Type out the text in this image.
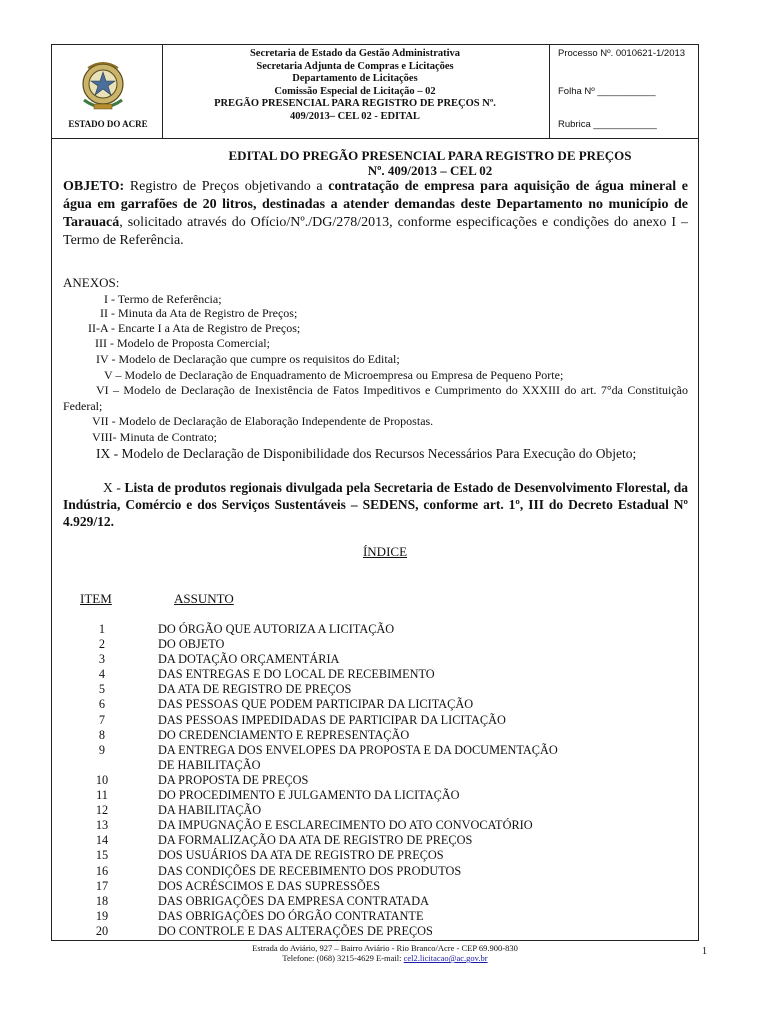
ESTADO DO ACRE
Secretaria de Estado da Gestão Administrativa
Secretaria Adjunta de Compras e Licitações
Departamento de Licitações
Comissão Especial de Licitação – 02
PREGÃO PRESENCIAL PARA REGISTRO DE PREÇOS Nº.
409/2013– CEL 02 - EDITAL
Processo Nº. 0010621-1/2013
Folha Nº ___________
Rubrica ____________
EDITAL DO PREGÃO PRESENCIAL PARA REGISTRO DE PREÇOS
Nº. 409/2013 – CEL 02
OBJETO: Registro de Preços objetivando a contratação de empresa para aquisição de água mineral e água em garrafões de 20 litros, destinadas a atender demandas deste Departamento no município de Tarauacá, solicitado através do Ofício/Nº./DG/278/2013, conforme especificações e condições do anexo I – Termo de Referência.
ANEXOS:
I - Termo de Referência;
II - Minuta da Ata de Registro de Preços;
II-A - Encarte I a Ata de Registro de Preços;
III - Modelo de Proposta Comercial;
IV - Modelo de Declaração que cumpre os requisitos do Edital;
V – Modelo de Declaração de Enquadramento de Microempresa ou Empresa de Pequeno Porte;
VI – Modelo de Declaração de Inexistência de Fatos Impeditivos e Cumprimento do XXXIII do art. 7°da Constituição Federal;
VII - Modelo de Declaração de Elaboração Independente de Propostas.
VIII- Minuta de Contrato;
IX - Modelo de Declaração de Disponibilidade dos Recursos Necessários Para Execução do Objeto;
X - Lista de produtos regionais divulgada pela Secretaria de Estado de Desenvolvimento Florestal, da Indústria, Comércio e dos Serviços Sustentáveis – SEDENS, conforme art. 1º, III do Decreto Estadual Nº 4.929/12.
ÍNDICE
ITEM	ASSUNTO
1	DO ÓRGÃO QUE AUTORIZA A LICITAÇÃO
2	DO OBJETO
3	DA DOTAÇÃO ORÇAMENTÁRIA
4	DAS ENTREGAS E DO LOCAL DE RECEBIMENTO
5	DA ATA DE REGISTRO DE PREÇOS
6	DAS PESSOAS QUE PODEM PARTICIPAR DA LICITAÇÃO
7	DAS PESSOAS IMPEDIDADAS DE PARTICIPAR DA LICITAÇÃO
8	DO CREDENCIAMENTO E REPRESENTAÇÃO
9	DA ENTREGA DOS ENVELOPES DA PROPOSTA E DA DOCUMENTAÇÃO
DE HABILITAÇÃO
10	DA PROPOSTA DE PREÇOS
11	DO PROCEDIMENTO E JULGAMENTO DA LICITAÇÃO
12	DA HABILITAÇÃO
13	DA IMPUGNAÇÃO E ESCLARECIMENTO DO ATO CONVOCATÓRIO
14	DA FORMALIZAÇÃO DA ATA DE REGISTRO DE PREÇOS
15	DOS USUÁRIOS DA ATA DE REGISTRO DE PREÇOS
16	DAS CONDIÇÕES DE RECEBIMENTO DOS PRODUTOS
17	DOS ACRÉSCIMOS E DAS SUPRESSÕES
18	DAS OBRIGAÇÕES DA EMPRESA CONTRATADA
19	DAS OBRIGAÇÕES DO ÓRGÃO CONTRATANTE
20	DO CONTROLE E DAS ALTERAÇÕES DE PREÇOS
Estrada do Aviário, 927 – Bairro Aviário - Rio Branco/Acre - CEP 69.900-830
Telefone: (068) 3215-4629 E-mail: cel2.licitacao@ac.gov.br
1
